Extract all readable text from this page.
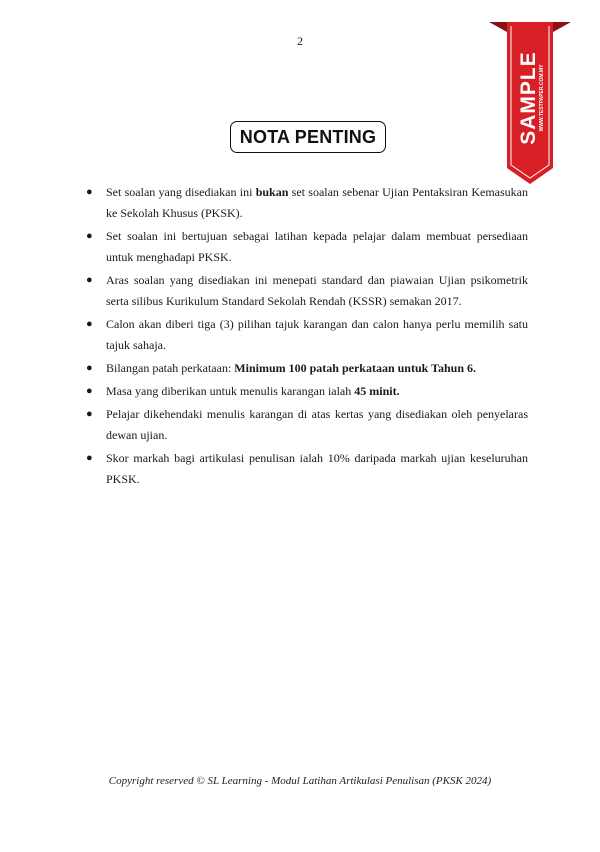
2
SAMPLE WWW.TESTPAPER.COM.MY
NOTA PENTING
● Set soalan yang disediakan ini bukan set soalan sebenar Ujian Pentaksiran Kemasukan ke Sekolah Khusus (PKSK).
● Set soalan ini bertujuan sebagai latihan kepada pelajar dalam membuat persediaan untuk menghadapi PKSK.
● Aras soalan yang disediakan ini menepati standard dan piawaian Ujian psikometrik serta silibus Kurikulum Standard Sekolah Rendah (KSSR) semakan 2017.
● Calon akan diberi tiga (3) pilihan tajuk karangan dan calon hanya perlu memilih satu tajuk sahaja.
● Bilangan patah perkataan: Minimum 100 patah perkataan untuk Tahun 6.
● Masa yang diberikan untuk menulis karangan ialah 45 minit.
● Pelajar dikehendaki menulis karangan di atas kertas yang disediakan oleh penyelaras dewan ujian.
● Skor markah bagi artikulasi penulisan ialah 10% daripada markah ujian keseluruhan PKSK.
Copyright reserved © SL Learning - Modul Latihan Artikulasi Penulisan (PKSK 2024)
